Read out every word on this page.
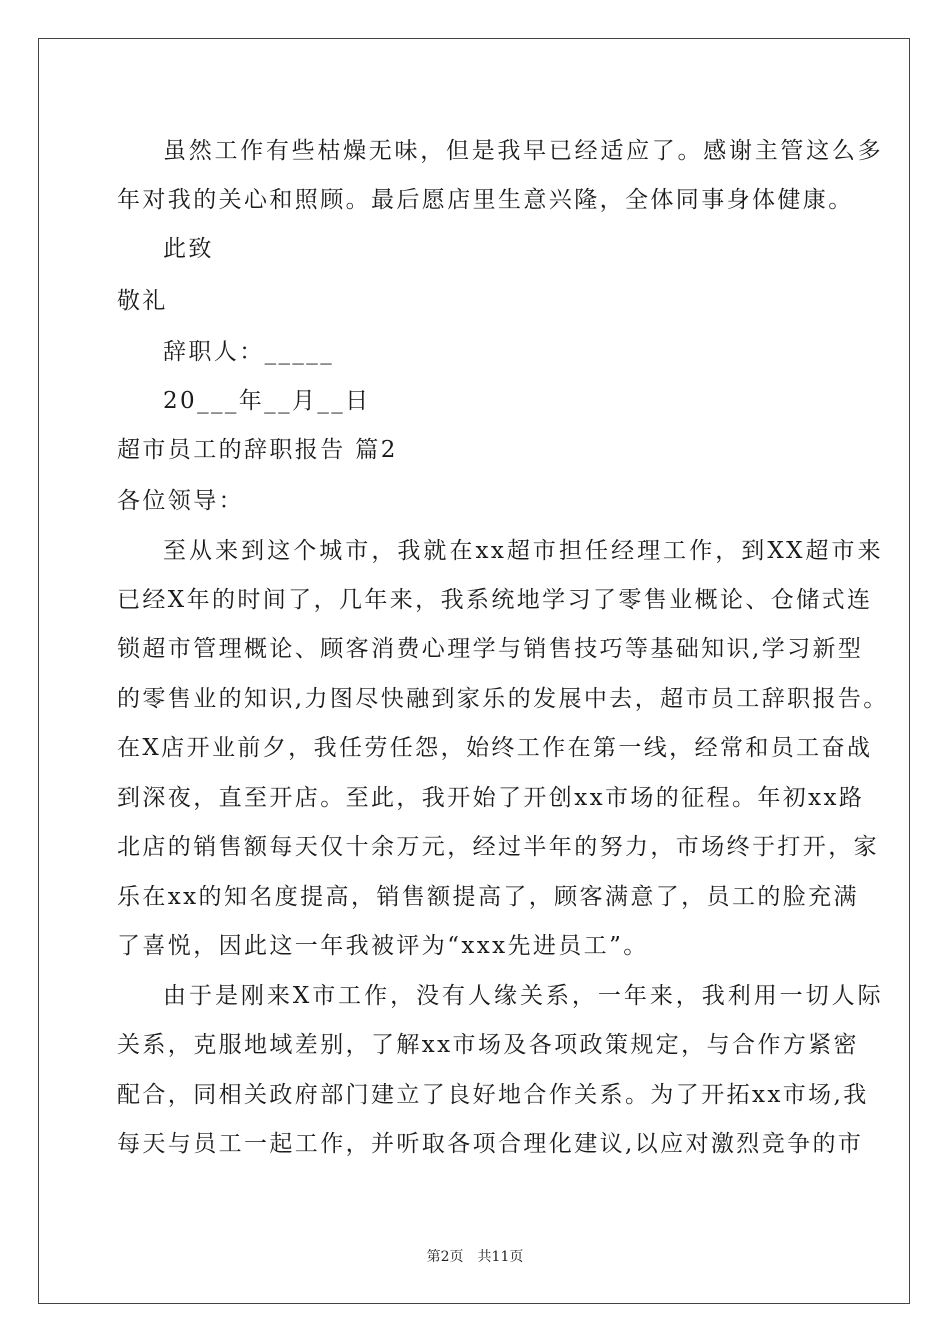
虽然工作有些枯燥无味，但是我早已经适应了。感谢主管这么多
年对我的关心和照顾。最后愿店里生意兴隆，全体同事身体健康。
此致
敬礼
辞职人：_____
20___年__月__日
超市员工的辞职报告 篇2
各位领导：
至从来到这个城市，我就在xx超市担任经理工作，到XX超市来
已经X年的时间了，几年来，我系统地学习了零售业概论、仓储式连
锁超市管理概论、顾客消费心理学与销售技巧等基础知识,学习新型
的零售业的知识,力图尽快融到家乐的发展中去，超市员工辞职报告。
在X店开业前夕，我任劳任怨，始终工作在第一线，经常和员工奋战
到深夜，直至开店。至此，我开始了开创xx市场的征程。年初xx路
北店的销售额每天仅十余万元，经过半年的努力，市场终于打开，家
乐在xx的知名度提高，销售额提高了，顾客满意了，员工的脸充满
了喜悦，因此这一年我被评为“xxx先进员工”。
由于是刚来X市工作，没有人缘关系，一年来，我利用一切人际
关系，克服地域差别，了解xx市场及各项政策规定，与合作方紧密
配合，同相关政府部门建立了良好地合作关系。为了开拓xx市场,我
每天与员工一起工作，并听取各项合理化建议,以应对激烈竞争的市
第2页　共11页
